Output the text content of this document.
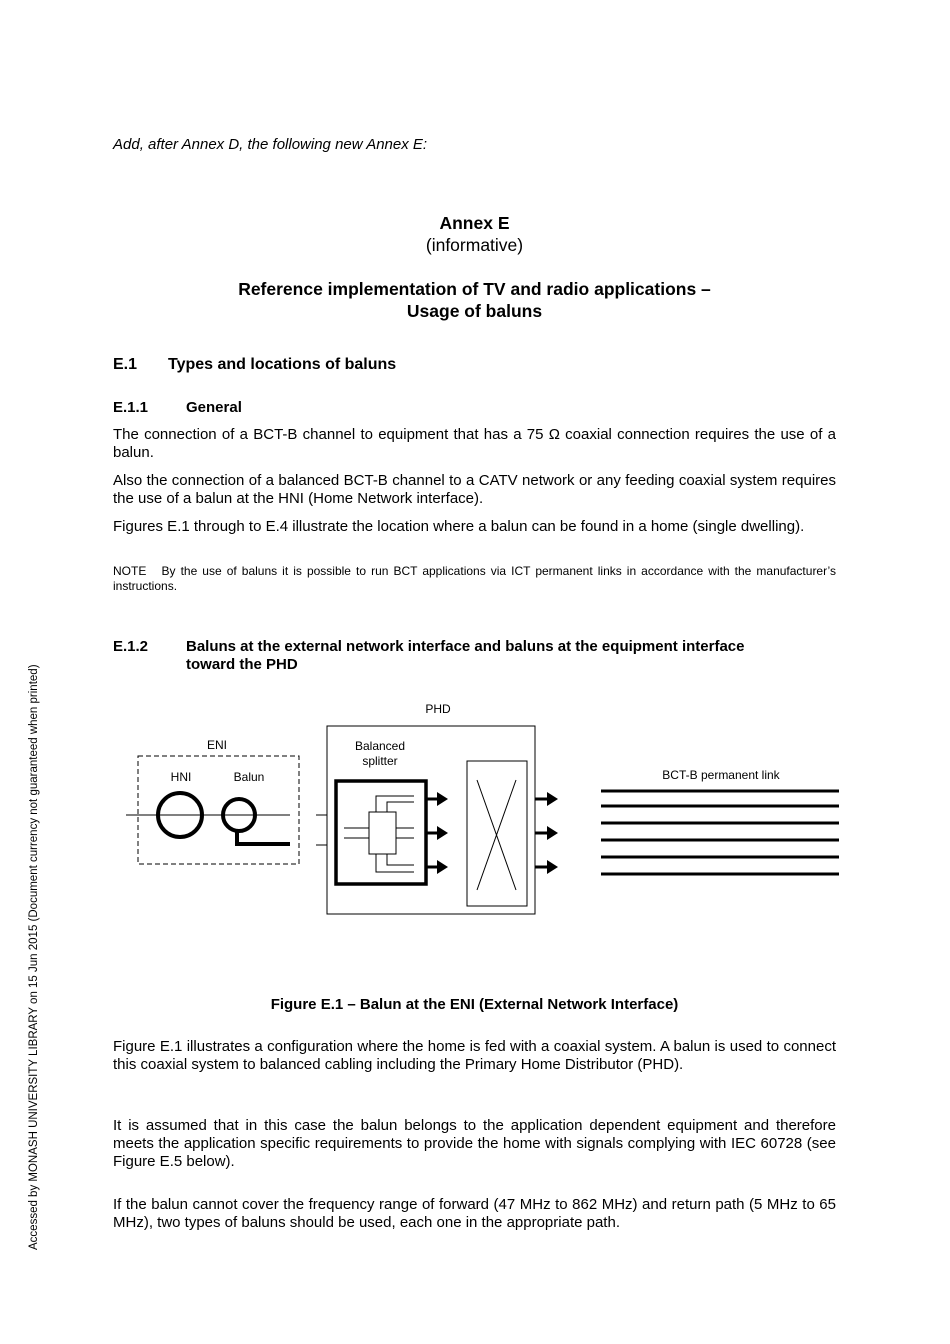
Add, after Annex D, the following new Annex E:
Annex E
(informative)
Reference implementation of TV and radio applications –
Usage of baluns
E.1 Types and locations of baluns
E.1.1	General
The connection of a BCT-B channel to equipment that has a 75 Ω coaxial connection requires the use of a balun.
Also the connection of a balanced BCT-B channel to a CATV network or any feeding coaxial system requires the use of a balun at the HNI (Home Network interface).
Figures E.1 through to E.4 illustrate the location where a balun can be found in a home (single dwelling).
NOTE By the use of baluns it is possible to run BCT applications via ICT permanent links in accordance with the manufacturer’s instructions.
E.1.2	Baluns at the external network interface and baluns at the equipment interface
toward the PHD
PHD
ENI
HNI	Balun
Balanced
splitter
BCT-B permanent link
Figure E.1 – Balun at the ENI (External Network Interface)
Figure E.1 illustrates a configuration where the home is fed with a coaxial system. A balun is used to connect this coaxial system to balanced cabling including the Primary Home Distributor (PHD).
It is assumed that in this case the balun belongs to the application dependent equipment and therefore meets the application specific requirements to provide the home with signals complying with IEC 60728 (see Figure E.5 below).
If the balun cannot cover the frequency range of forward (47 MHz to 862 MHz) and return path (5 MHz to 65 MHz), two types of baluns should be used, each one in the appropriate path.
Accessed by MONASH UNIVERSITY LIBRARY on 15 Jun 2015 (Document currency not guaranteed when printed)
